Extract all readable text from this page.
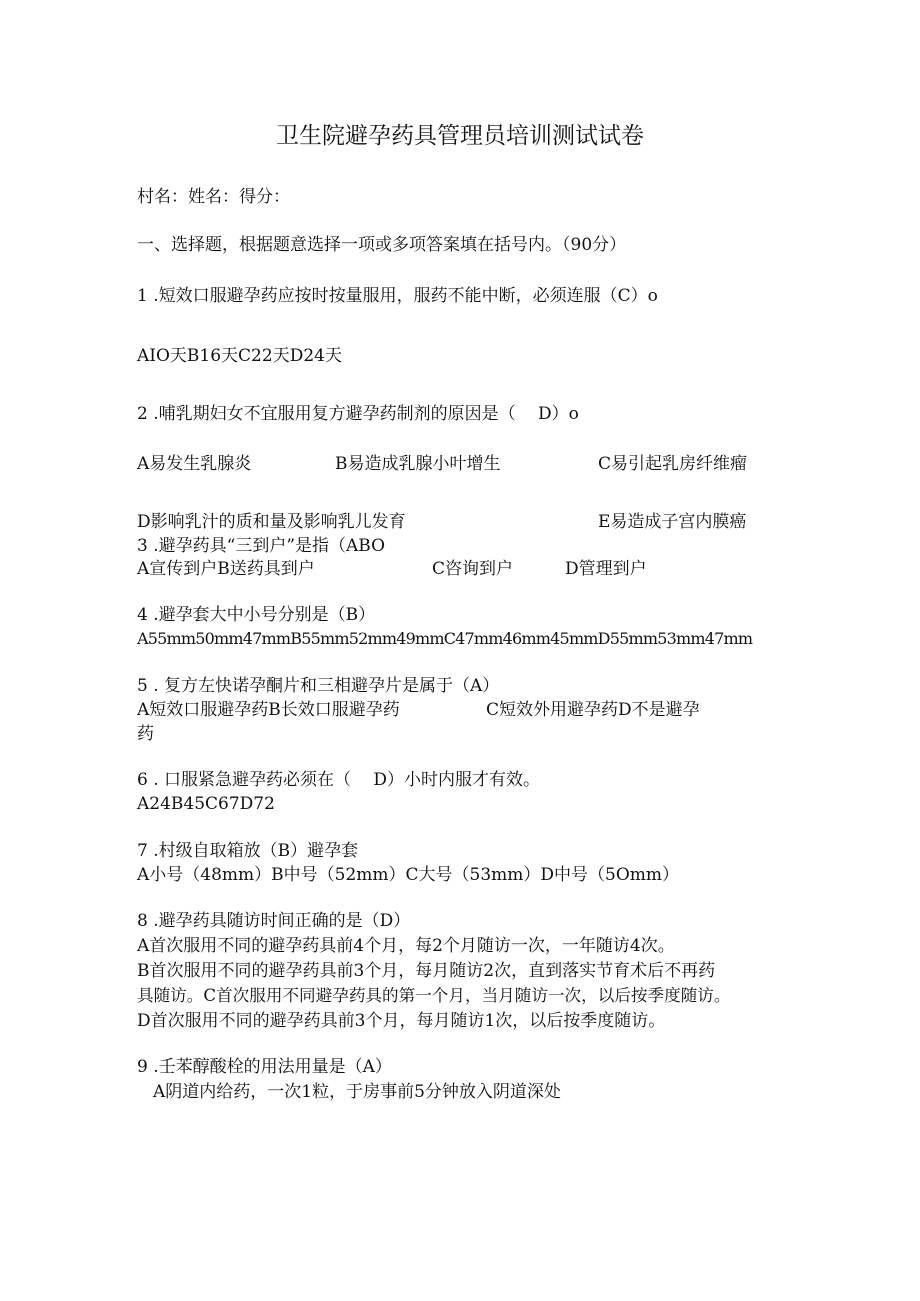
卫生院避孕药具管理员培训测试试卷
村名：姓名：得分：
一、选择题，根据题意选择一项或多项答案填在括号内。（90分）
1 .短效口服避孕药应按时按量服用，服药不能中断，必须连服（C）o
AIO天B16天C22天D24天
2 .哺乳期妇女不宜服用复方避孕药制剂的原因是（　 D）o
A易发生乳腺炎	B易造成乳腺小叶增生	C易引起乳房纤维瘤
D影响乳汁的质和量及影响乳儿发育	E易造成子宫内膜癌
3 .避孕药具“三到户”是指（ABO
A宣传到户B送药具到户	C咨询到户	D管理到户
4 .避孕套大中小号分别是（B）
A55mm50mm47mmB55mm52mm49mmC47mm46mm45mmD55mm53mm47mm
5 . 复方左快诺孕酮片和三相避孕片是属于（A）
A短效口服避孕药B长效口服避孕药	C短效外用避孕药D不是避孕
药
6 . 口服紧急避孕药必须在（　 D）小时内服才有效。
A24B45C67D72
7 .村级自取箱放（B）避孕套
A小号（48mm）B中号（52mm）C大号（53mm）D中号（5Omm）
8 .避孕药具随访时间正确的是（D）
A首次服用不同的避孕药具前4个月，每2个月随访一次，一年随访4次。
B首次服用不同的避孕药具前3个月，每月随访2次，直到落实节育术后不再药
具随访。C首次服用不同避孕药具的第一个月，当月随访一次，以后按季度随访。
D首次服用不同的避孕药具前3个月，每月随访1次，以后按季度随访。
9 .壬苯醇酸栓的用法用量是（A）
A阴道内给药，一次1粒，于房事前5分钟放入阴道深处
